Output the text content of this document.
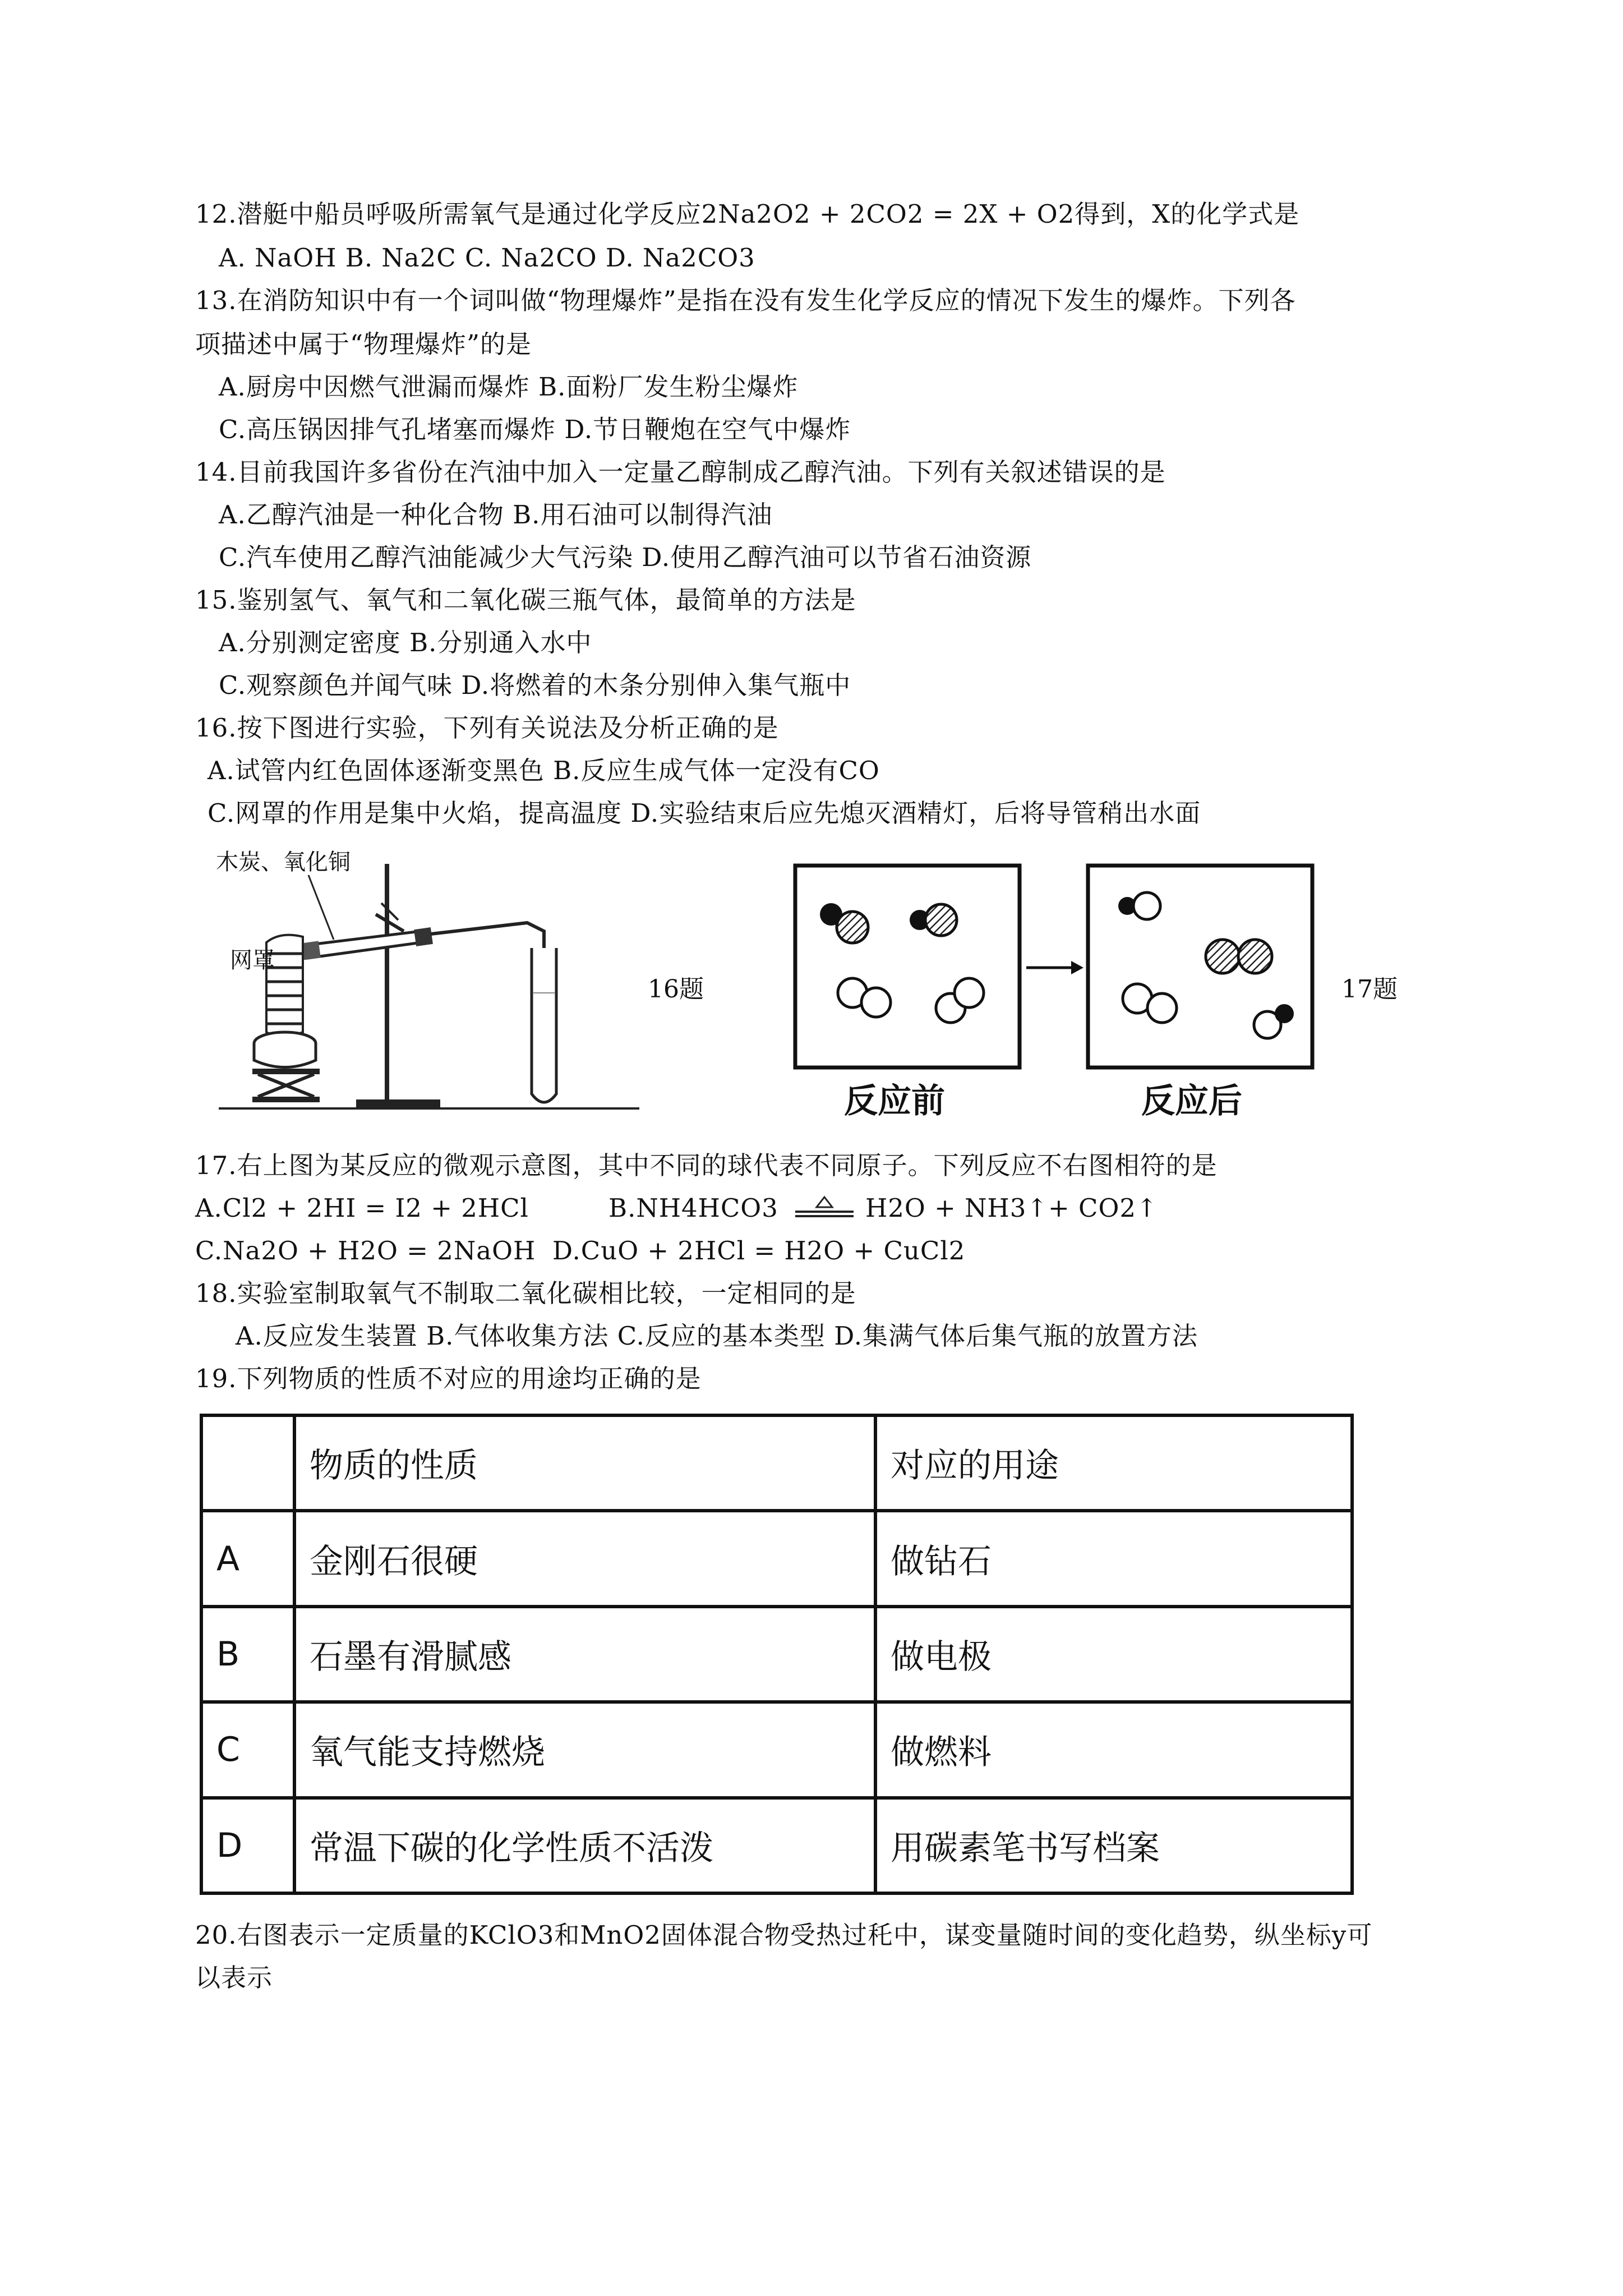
12.潜艇中船员呼吸所需氧气是通过化学反应2Na2O2 + 2CO2 = 2X + O2得到，X的化学式是
A. NaOH B. Na2C C. Na2CO D. Na2CO3
13.在消防知识中有一个词叫做“物理爆炸”是指在没有发生化学反应的情况下发生的爆炸。下列各
项描述中属于“物理爆炸”的是
A.厨房中因燃气泄漏而爆炸 B.面粉厂发生粉尘爆炸
C.高压锅因排气孔堵塞而爆炸 D.节日鞭炮在空气中爆炸
14.目前我国许多省份在汽油中加入一定量乙醇制成乙醇汽油。下列有关叙述错误的是
A.乙醇汽油是一种化合物 B.用石油可以制得汽油
C.汽车使用乙醇汽油能减少大气污染 D.使用乙醇汽油可以节省石油资源
15.鉴别氢气、氧气和二氧化碳三瓶气体，最简单的方法是
A.分别测定密度 B.分别通入水中
C.观察颜色并闻气味 D.将燃着的木条分别伸入集气瓶中
16.按下图进行实验，下列有关说法及分析正确的是
A.试管内红色固体逐渐变黑色 B.反应生成气体一定没有CO
C.网罩的作用是集中火焰，提高温度 D.实验结束后应先熄灭酒精灯，后将导管稍出水面
木炭、氧化铜
网罩
16题
反应前	反应后
17题
17.右上图为某反应的微观示意图，其中不同的球代表不同原子。下列反应不右图相符的是
A.Cl2 + 2HI = I2 + 2HCl	B.NH4HCO3	H2O + NH3↑+ CO2↑
C.Na2O + H2O = 2NaOH D.CuO + 2HCl = H2O + CuCl2
18.实验室制取氧气不制取二氧化碳相比较，一定相同的是
A.反应发生装置 B.气体收集方法 C.反应的基本类型 D.集满气体后集气瓶的放置方法
19.下列物质的性质不对应的用途均正确的是
	物质的性质	对应的用途
A	金刚石很硬	做钻石
B	石墨有滑腻感	做电极
C	氧气能支持燃烧	做燃料
D	常温下碳的化学性质不活泼	用碳素笔书写档案
20.右图表示一定质量的KClO3和MnO2固体混合物受热过秅中，谋变量随时间的变化趋势，纵坐标y可
以表示
